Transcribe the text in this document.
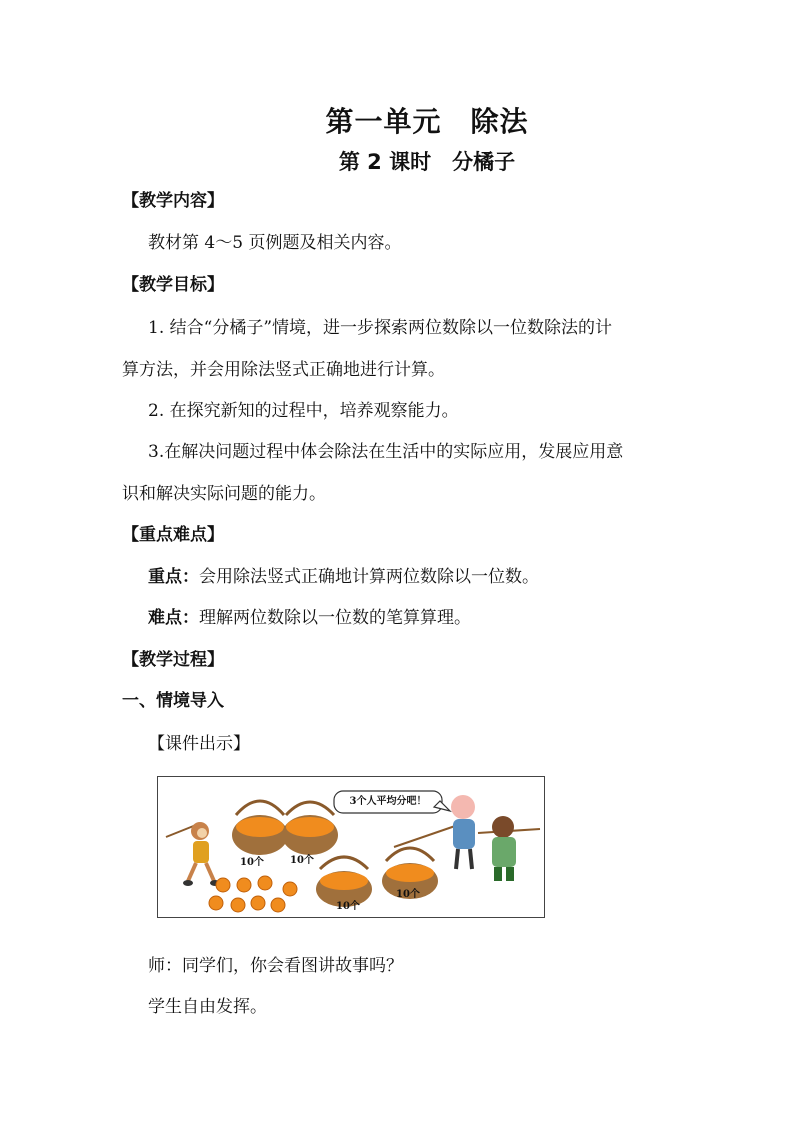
第一单元　除法
第 2 课时　分橘子
【教学内容】
教材第 4～5 页例题及相关内容。
【教学目标】
1. 结合“分橘子”情境，进一步探索两位数除以一位数除法的计
算方法，并会用除法竖式正确地进行计算。
2. 在探究新知的过程中，培养观察能力。
3.在解决问题过程中体会除法在生活中的实际应用，发展应用意
识和解决实际问题的能力。
【重点难点】
重点：会用除法竖式正确地计算两位数除以一位数。
难点：理解两位数除以一位数的笔算算理。
【教学过程】
一、情境导入
【课件出示】
3个人平均分吧！
10个	10个
10个
10个
师：同学们，你会看图讲故事吗？
学生自由发挥。
